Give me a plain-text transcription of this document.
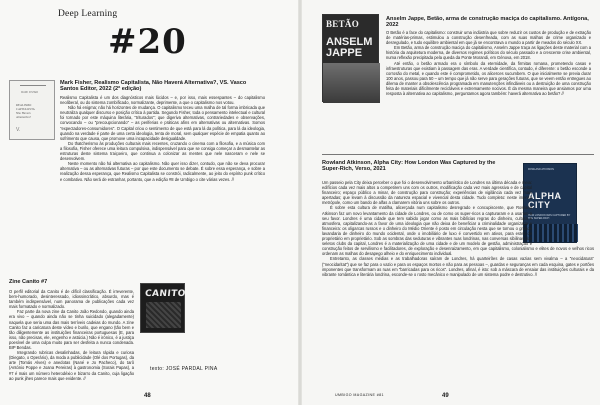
Deep Learning
#20
MARK FISHER
REALISMO
CAPITALISTA
Não Haverá
Alternativa?
V.
Mark Fisher, Realismo Capitalista, Não Haverá Alternativa?, VS. Vasco Santos Editor, 2022 (2ª edição)

Realismo Capitalista é um dos diagnósticos mais lúcidos – e, por isso, mais essespantes – do capitalismo neoliberal, ou do sistema zombificado, normalizante, deprimente, a que o capitalismo nos votou.

Não há enigma; não há horizontes de mudança. O capitalismo teceu uma malha de tal forma imbricada que neutraliza qualquer discurso e posição crítica à partida. Segundo Fisher, toda o pensamento intelectual e cultural foi tornado por este máquina literária, "triturados"; que digeriva alternativas, contrariedades e observações, convocando – ou "precoupcionando" – as periferias e práticas afins em alternativas ou alternativas. Somos "expectadores-consumidores". O Capital criou o sentimento de que está para lá da política, para lá da ideologia, quando na verdade é parte de uma certa ideologia, tenta de moral, sem qualquer espécie de empatia quanto ao sofrimento que causa, que promove uma incapacidade desigualdade.

Do thatcherismo às produções culturais mais recentes, cruzando o cinema com a filosofia, e a música com a filosofia, Fisher oferece uma leitura compulsiva, indispensável para que se consiga começar a desmantelar as estruturas deste sistema traiçoeiro, que continua a colonizar as mentes que nele nasceram e nele se desenvolvem.

Neste momento não há alternativa ao capitalismo. Não quer isso dizer, contudo, que não se deva procurar alternativa – ou as alternativas futuras – por que este documento se debate. É sobre essa esperança, e sobre a realização dessa esperança, que Realismo Capitalista se constrói, radicalmente, ao jeito do espírito punk crítico e combativo. Não será de estranhar, portanto, que a edição #8 de Umbigo o cite várias vezes. //

Zine Canito #7

O perfil editorial da Canito é de difícil classificação. É irreverente, bem-humorado, desinteressado, idiossincrático, absurdo, mas é também indispensável, num panorama de publicações cada vez mais formatado e normalizado.

Faz parte da nova zine da Canito João Redondo, quando ainda era vivo – quando ainda não se tinha suicidado (alegadamente) naquela que seria uma das mais terríveis cadeias do mundo. A zine Canito faz a caricatura deste vídeo e burilo, que engano (tão bem e tão diligentemente as instituições financeiras portuguesas (E, para isso, não precisas, ele, engenho e astúcia.) Não é irónico, é a justiça poesível de uma culpa muito para ser desfeita a nunca condenada. BIP Bendas.

Integrando rubricas desalinhadas, de leitura rápida e curiosa (Diegato, o Operário), da moda a publicidade (Olé dos Portugas), da arte (Tomás Alves) e anedotas (Nané e Jo Pacheco), do tarô (António Poppe e Joana Pereiras) à gastronomia (Sorais Papas), a #7 é mais um número heterodéxio e bizarro da Canito, cuja ligação ao punk jihes parece mais que evidente. //

CANITO
texto: JOSÉ PARDAL PINA
48
BETÃO
ANSELM
JAPPE
Anselm Jappe, Betão, arma de construção maciça do capitalismo. Antígona, 2022

O Betão é a face do capitalismo: construir uma indústria que sobre reduzir os custos de produção e de extração de matérias-primas, estimulou a construção desenfreada, com as suas malhas de crime organizado e desregulado, e tudo equilibre ambiental em que já se encontrava o mundo a partir de meados do século XX.

Em Betão, arma de construção maciça do capitalismo, Anselm Jappe traça as ligações deste material com a história da arquitetura moderna, de diversos regimes políticos do século passado e a crescente crise ambiental, numa reflexão precipitada pela queda da Ponte Morandi, em Génova, em 2018.

Até então, o betão armado era o símbolo da eternidade, da firmitas romana, prometendo casas e infraestruturas que existiam à passagem das eras. A verdade científica, contudo, é diferente: o betão esconde a corrosão do metal, e quando este é comprometido, os alicerces sucumbem. O que inicialmente se previa durar 100 anos, passou para 50 – um tempo que já não serve para gerações futuras, que se veem então entregues ao dilema de manter a obsolescência programada em manutenções infindáveis ou a destruição de uma construção feita de materiais dificilmente recicláveis e extremamente nocivos. É da mesma maneira que ansiamos por uma resposta à alternativa ao capitalismo, perguntamos agora também: haverá alternativa ao betão? //

Rowland Atkinson, Alpha City: How London Was Captured by the Super-Rich, Verso, 2021	ROWLAND ATKINSON
ALPHA
CITY
HOW LONDON WAS CAPTURED BY THE SUPER-RICH

Um passeio pela City deixa perceber o que foi o desenvolvimento urbanístico de Londres na última década e meia: edifícios cada vez mais altos a competirem uns com os outros, modificação cada vez mais agressiva e de capital financeiro; espaço público a minar, de construção para construção; experiências de vigilância cada vez mais apertadas; que levam à discussão da natureza espacial e vivencial desta cidade. Tudo completo: neste imensa metrópole, como um bando de alfas a clamarem vitória uns sobre os outros.

É sobre esta cultura de matilha, alicerçada num capitalismo desregrado e concupiscente, que Rowland Atkinson faz um novo levantamento da cidade de Londres, ou de como os super-ricos a capturaram e a usaram a seu favor. Londres é uma cidade que tem sabido jogar como as mais biblícias regras do dinheiro, cultura e atmosfera, capitalizando-as a favor de uma ideologia que não deixa de beneficiar a criminalidade organizada e financeira: os oligarcas russos e o dinheiro do Médio Oriente é posto em circulação nesta que se tornou o grande lavandaria de dinheiro do mundo ocidental, onde o imobiliário de luxo é convertido em ativos, para estes de proprietário em proprietário. Sob as sombras das seduturas e vibrantes ruas londrinas, nas conversas sibilinas dos seletos clubs da capital, Londres é a materialização de uma cidade e de um modelo de gestão, administração e construção feitos de servilismo e facilitadores, de exploração e desenraizamento, em que capitalismo, colonialismo e elites de novos e velhos ricos ordenam as malhas do desapego alheio e do enriquecimento individual.

Entretanto, as classes médias e as trabalhadoras saíram de Londres, há quarteirões de casas vazias sem vivalma – a "neocidatura" ("neocidaritat") que se faz para o vazio e para os espaços mortos e não para as pessoas –, guardas e seguranças em cada esquina, gates e portões imponentes que transformam as ruas em "barricadas para os ricos". Londres, afinal, é isto: sob a máscara de ensaiar das instituições culturais e da vibrante romântica e literária londrina, esconde-se o rosto mecânico e manipulado de um sistema podre e destrutivo. //

UMBIGO MAGAZINE #81	49
